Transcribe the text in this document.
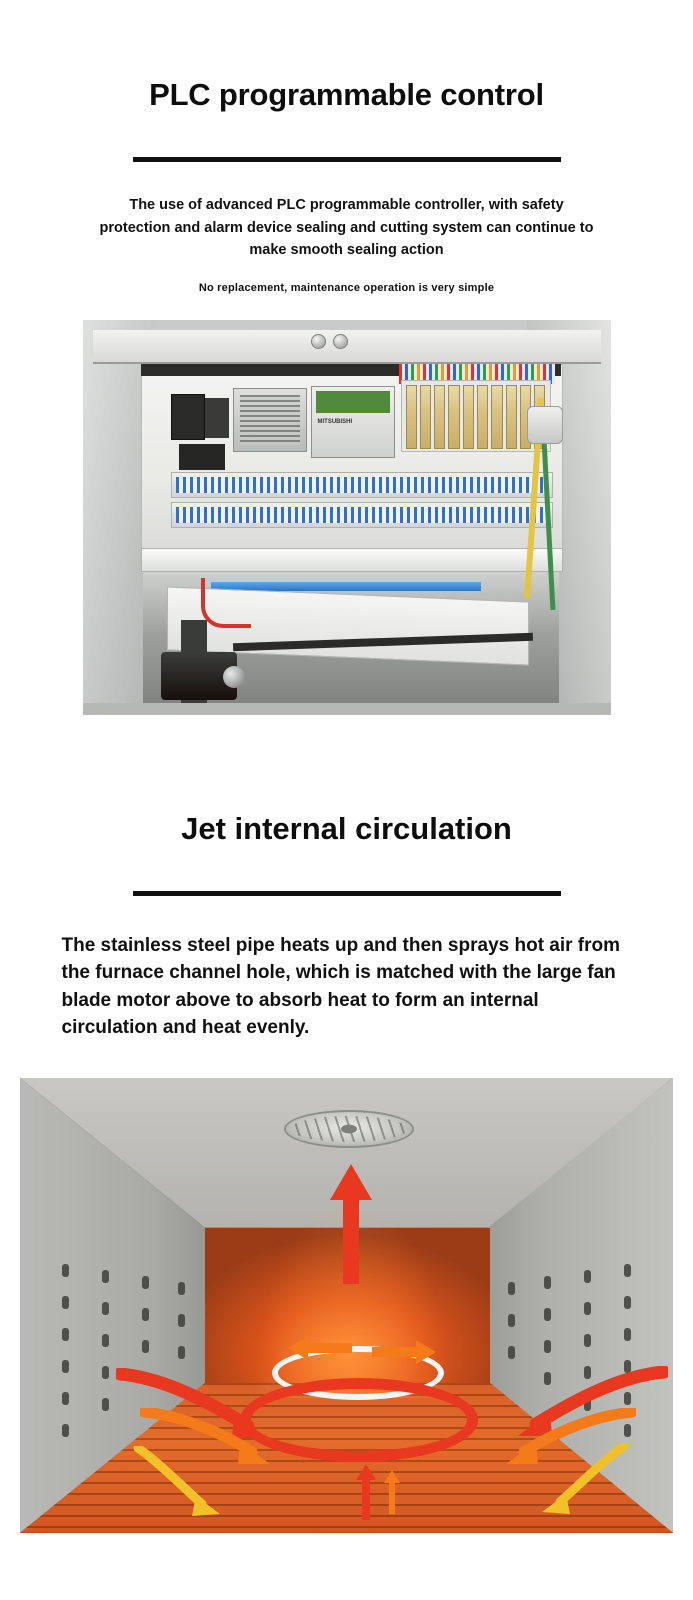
PLC programmable control

The use of advanced PLC programmable controller, with safety protection and alarm device sealing and cutting system can continue to make smooth sealing action

No replacement, maintenance operation is very simple

MITSUBISHI
Jet internal circulation

The stainless steel pipe heats up and then sprays hot air from the furnace channel hole, which is matched with the large fan blade motor above to absorb heat to form an internal circulation and heat evenly.
